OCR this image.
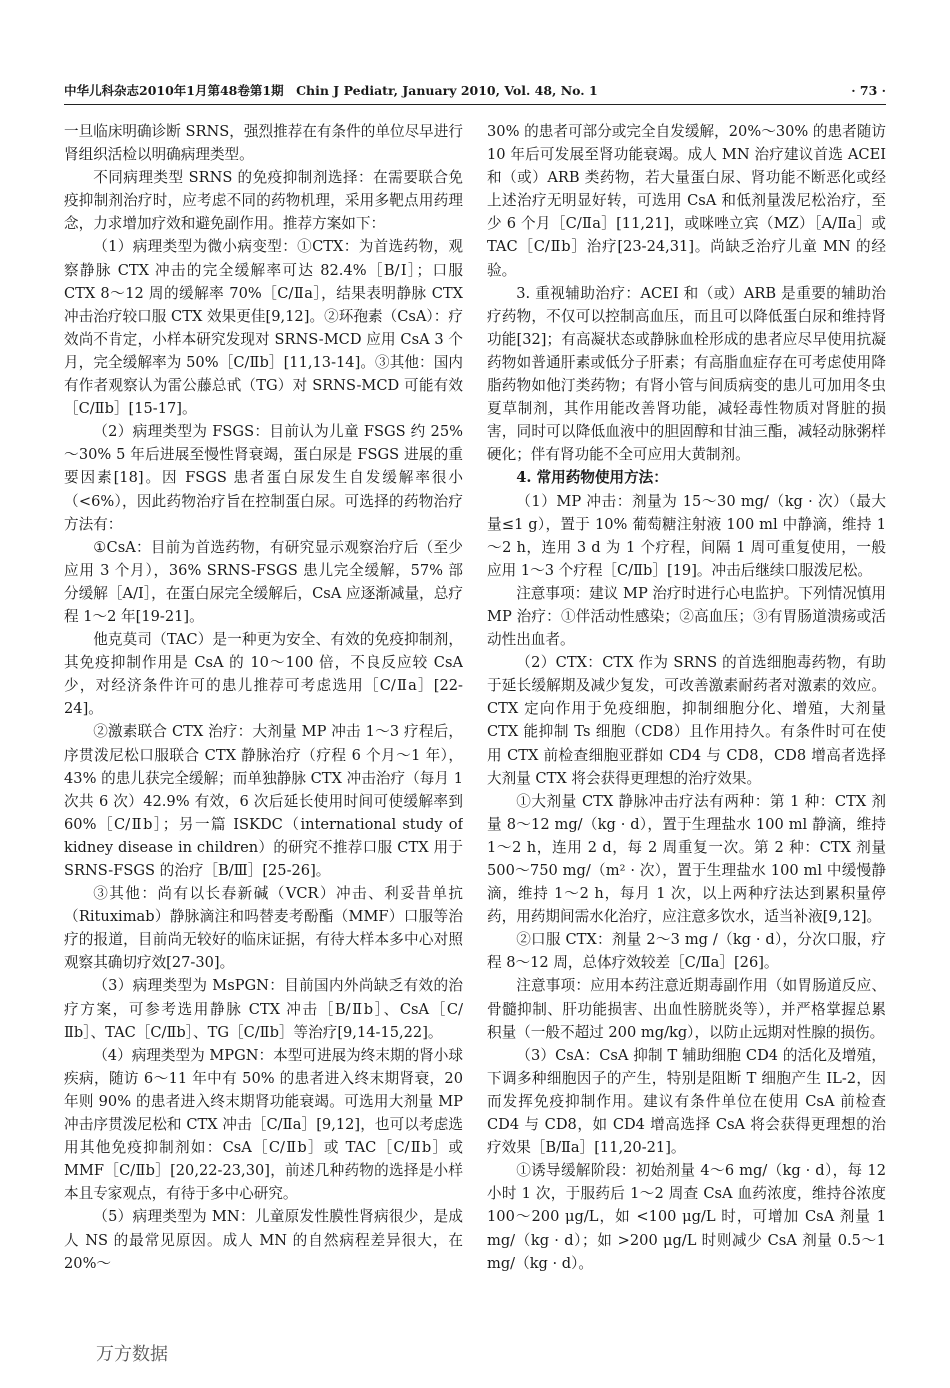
中华儿科杂志2010年1月第48卷第1期　Chin J Pediatr, January 2010, Vol. 48, No. 1	· 73 ·

一旦临床明确诊断 SRNS，强烈推荐在有条件的单位尽早进行肾组织活检以明确病理类型。

不同病理类型 SRNS 的免疫抑制剂选择：在需要联合免疫抑制剂治疗时，应考虑不同的药物机理，采用多靶点用药理念，力求增加疗效和避免副作用。推荐方案如下：

（1）病理类型为微小病变型：①CTX：为首选药物，观察静脉 CTX 冲击的完全缓解率可达 82.4%［B/Ⅰ］；口服 CTX 8～12 周的缓解率 70%［C/Ⅱa］，结果表明静脉 CTX 冲击治疗较口服 CTX 效果更佳[9,12]。②环孢素（CsA）：疗效尚不肯定，小样本研究发现对 SRNS-MCD 应用 CsA 3 个月，完全缓解率为 50%［C/Ⅱb］[11,13-14]。③其他：国内有作者观察认为雷公藤总甙（TG）对 SRNS-MCD 可能有效［C/Ⅱb］[15-17]。

（2）病理类型为 FSGS：目前认为儿童 FSGS 约 25%～30% 5 年后进展至慢性肾衰竭，蛋白尿是 FSGS 进展的重要因素[18]。因 FSGS 患者蛋白尿发生自发缓解率很小（<6%），因此药物治疗旨在控制蛋白尿。可选择的药物治疗方法有：

①CsA：目前为首选药物，有研究显示观察治疗后（至少应用 3 个月），36% SRNS-FSGS 患儿完全缓解，57% 部分缓解［A/Ⅰ］，在蛋白尿完全缓解后，CsA 应逐渐减量，总疗程 1～2 年[19-21]。

他克莫司（TAC）是一种更为安全、有效的免疫抑制剂，其免疫抑制作用是 CsA 的 10～100 倍，不良反应较 CsA 少，对经济条件许可的患儿推荐可考虑选用［C/Ⅱa］[22-24]。

②激素联合 CTX 治疗：大剂量 MP 冲击 1～3 疗程后，序贯泼尼松口服联合 CTX 静脉治疗（疗程 6 个月～1 年），43% 的患儿获完全缓解；而单独静脉 CTX 冲击治疗（每月 1 次共 6 次）42.9% 有效，6 次后延长使用时间可使缓解率到 60%［C/Ⅱb］；另一篇 ISKDC（international study of kidney disease in children）的研究不推荐口服 CTX 用于 SRNS-FSGS 的治疗［B/Ⅲ］[25-26]。

③其他：尚有以长春新碱（VCR）冲击、利妥昔单抗（Rituximab）静脉滴注和吗替麦考酚酯（MMF）口服等治疗的报道，目前尚无较好的临床证据，有待大样本多中心对照观察其确切疗效[27-30]。

（3）病理类型为 MsPGN：目前国内外尚缺乏有效的治疗方案，可参考选用静脉 CTX 冲击［B/Ⅱb］、CsA［C/Ⅱb］、TAC［C/Ⅱb］、TG［C/Ⅱb］等治疗[9,14-15,22]。

（4）病理类型为 MPGN：本型可进展为终末期的肾小球疾病，随访 6～11 年中有 50% 的患者进入终末期肾衰，20 年则 90% 的患者进入终末期肾功能衰竭。可选用大剂量 MP 冲击序贯泼尼松和 CTX 冲击［C/Ⅱa］[9,12]，也可以考虑选用其他免疫抑制剂如：CsA［C/Ⅱb］或 TAC［C/Ⅱb］或 MMF［C/Ⅱb］[20,22-23,30]，前述几种药物的选择是小样本且专家观点，有待于多中心研究。

（5）病理类型为 MN：儿童原发性膜性肾病很少，是成人 NS 的最常见原因。成人 MN 的自然病程差异很大，在 20%～

30% 的患者可部分或完全自发缓解，20%～30% 的患者随访 10 年后可发展至肾功能衰竭。成人 MN 治疗建议首选 ACEI 和（或）ARB 类药物，若大量蛋白尿、肾功能不断恶化或经上述治疗无明显好转，可选用 CsA 和低剂量泼尼松治疗，至少 6 个月［C/Ⅱa］[11,21]，或咪唑立宾（MZ）［A/Ⅱa］或 TAC［C/Ⅱb］治疗[23-24,31]。尚缺乏治疗儿童 MN 的经验。

3. 重视辅助治疗：ACEI 和（或）ARB 是重要的辅助治疗药物，不仅可以控制高血压，而且可以降低蛋白尿和维持肾功能[32]；有高凝状态或静脉血栓形成的患者应尽早使用抗凝药物如普通肝素或低分子肝素；有高脂血症存在可考虑使用降脂药物如他汀类药物；有肾小管与间质病变的患儿可加用冬虫夏草制剂，其作用能改善肾功能，减轻毒性物质对肾脏的损害，同时可以降低血液中的胆固醇和甘油三酯，减轻动脉粥样硬化；伴有肾功能不全可应用大黄制剂。

4. 常用药物使用方法：

（1）MP 冲击：剂量为 15～30 mg/（kg · 次）（最大量≤1 g），置于 10% 葡萄糖注射液 100 ml 中静滴，维持 1～2 h，连用 3 d 为 1 个疗程，间隔 1 周可重复使用，一般应用 1～3 个疗程［C/Ⅱb］[19]。冲击后继续口服泼尼松。

注意事项：建议 MP 治疗时进行心电监护。下列情况慎用 MP 治疗：①伴活动性感染；②高血压；③有胃肠道溃疡或活动性出血者。

（2）CTX：CTX 作为 SRNS 的首选细胞毒药物，有助于延长缓解期及减少复发，可改善激素耐药者对激素的效应。CTX 定向作用于免疫细胞，抑制细胞分化、增殖，大剂量 CTX 能抑制 Ts 细胞（CD8）且作用持久。有条件时可在使用 CTX 前检查细胞亚群如 CD4 与 CD8，CD8 增高者选择大剂量 CTX 将会获得更理想的治疗效果。

①大剂量 CTX 静脉冲击疗法有两种：第 1 种：CTX 剂量 8～12 mg/（kg · d），置于生理盐水 100 ml 静滴，维持 1～2 h，连用 2 d，每 2 周重复一次。第 2 种：CTX 剂量 500～750 mg/（m² · 次），置于生理盐水 100 ml 中缓慢静滴，维持 1～2 h，每月 1 次，以上两种疗法达到累积量停药，用药期间需水化治疗，应注意多饮水，适当补液[9,12]。

②口服 CTX：剂量 2～3 mg /（kg · d），分次口服，疗程 8～12 周，总体疗效较差［C/Ⅱa］[26]。

注意事项：应用本药注意近期毒副作用（如胃肠道反应、骨髓抑制、肝功能损害、出血性膀胱炎等），并严格掌握总累积量（一般不超过 200 mg/kg），以防止远期对性腺的损伤。

（3）CsA：CsA 抑制 T 辅助细胞 CD4 的活化及增殖，下调多种细胞因子的产生，特别是阻断 T 细胞产生 IL-2，因而发挥免疫抑制作用。建议有条件单位在使用 CsA 前检查 CD4 与 CD8，如 CD4 增高选择 CsA 将会获得更理想的治疗效果［B/Ⅱa］[11,20-21]。

①诱导缓解阶段：初始剂量 4～6 mg/（kg · d），每 12 小时 1 次，于服药后 1～2 周查 CsA 血药浓度，维持谷浓度 100～200 μg/L，如 <100 μg/L 时，可增加 CsA 剂量 1 mg/（kg · d）；如 >200 μg/L 时则减少 CsA 剂量 0.5～1 mg/（kg · d）。

万方数据
